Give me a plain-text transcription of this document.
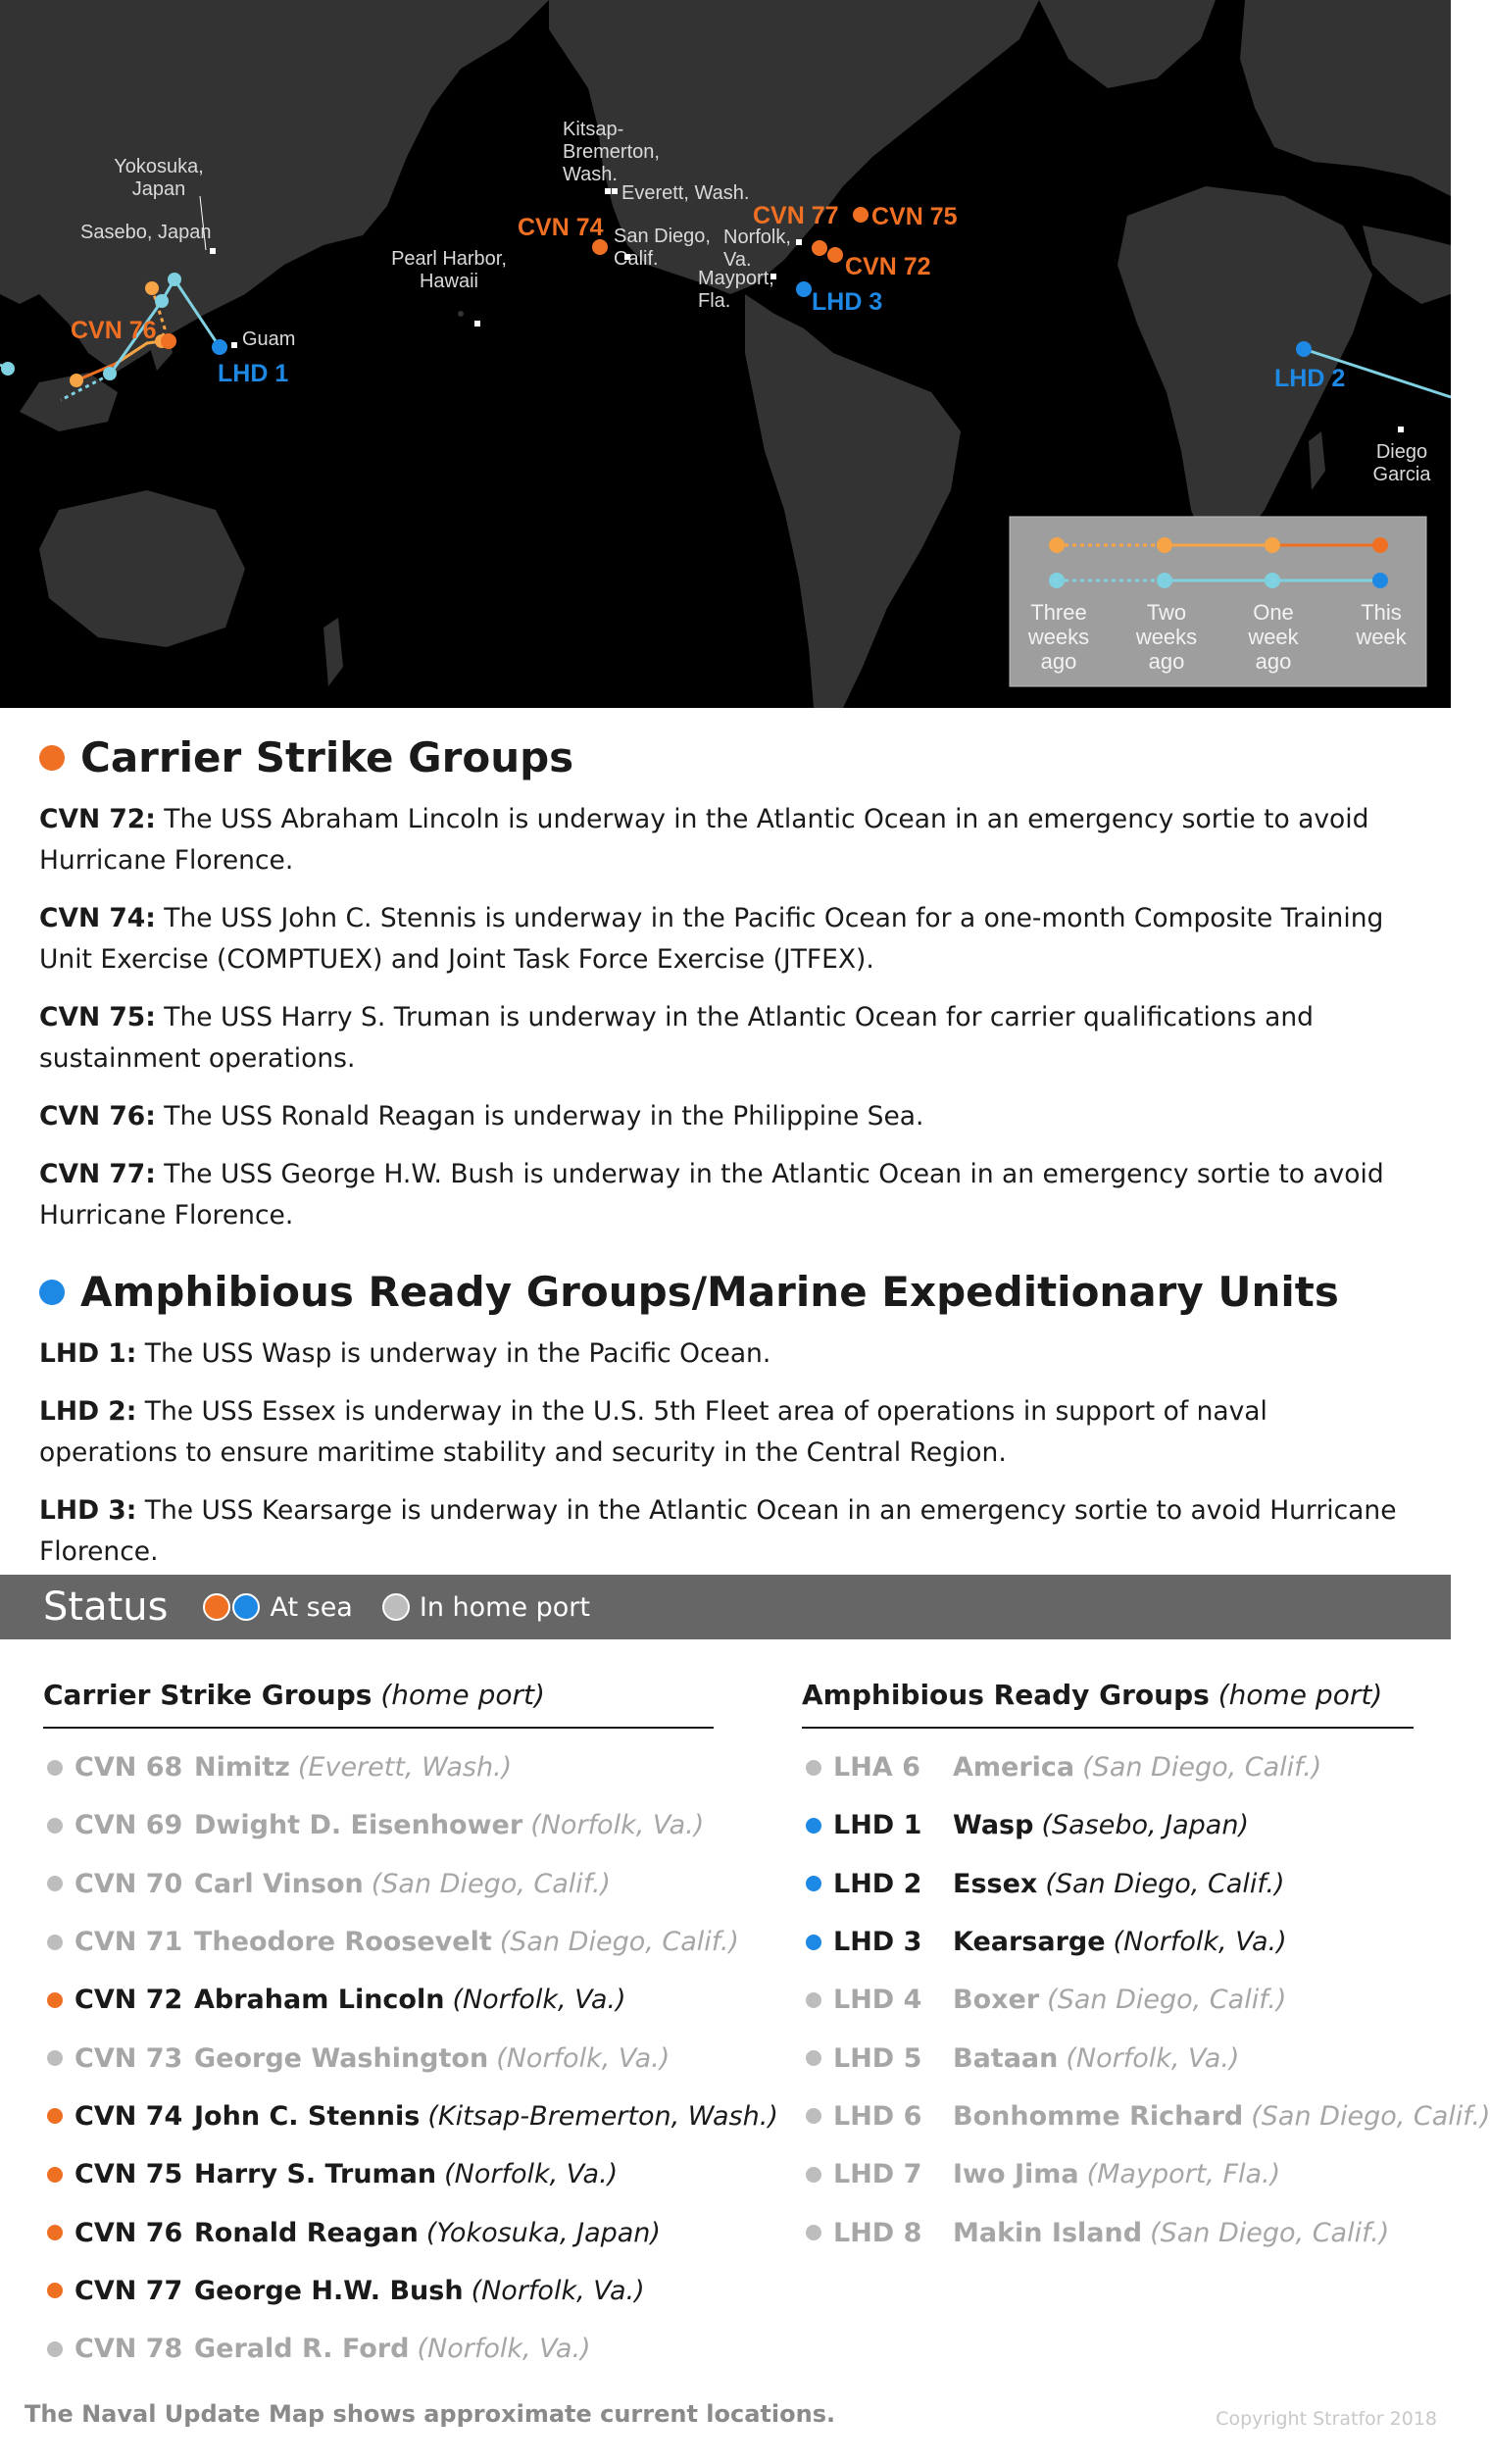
Yokosuka, Japan
Sasebo, Japan
Guam
Pearl Harbor, Hawaii
Kitsap-Bremerton, Wash.
Everett, Wash.
San Diego, Calif.
Norfolk, Va.
Mayport, Fla.
Diego Garcia
CVN 76
LHD 1
CVN 74	CVN 77 CVN 75
CVN 72
LHD 3
LHD 2
Three weeks ago
Two weeks ago
One week ago
This week
Carrier Strike Groups
CVN 72: The USS Abraham Lincoln is underway in the Atlantic Ocean in an emergency sortie to avoid Hurricane Florence.
CVN 74: The USS John C. Stennis is underway in the Pacific Ocean for a one-month Composite Training Unit Exercise (COMPTUEX) and Joint Task Force Exercise (JTFEX).
CVN 75: The USS Harry S. Truman is underway in the Atlantic Ocean for carrier qualifications and sustainment operations.
CVN 76: The USS Ronald Reagan is underway in the Philippine Sea.
CVN 77: The USS George H.W. Bush is underway in the Atlantic Ocean in an emergency sortie to avoid Hurricane Florence.
Amphibious Ready Groups/Marine Expeditionary Units
LHD 1: The USS Wasp is underway in the Pacific Ocean.
LHD 2: The USS Essex is underway in the U.S. 5th Fleet area of operations in support of naval operations to ensure maritime stability and security in the Central Region.
LHD 3: The USS Kearsarge is underway in the Atlantic Ocean in an emergency sortie to avoid Hurricane Florence.
Status	At sea	In home port
Carrier Strike Groups (home port)
CVN 68 Nimitz (Everett, Wash.)
CVN 69 Dwight D. Eisenhower (Norfolk, Va.)
CVN 70 Carl Vinson (San Diego, Calif.)
CVN 71 Theodore Roosevelt (San Diego, Calif.)
CVN 72 Abraham Lincoln (Norfolk, Va.)
CVN 73 George Washington (Norfolk, Va.)
CVN 74 John C. Stennis (Kitsap-Bremerton, Wash.)
CVN 75 Harry S. Truman (Norfolk, Va.)
CVN 76 Ronald Reagan (Yokosuka, Japan)
CVN 77 George H.W. Bush (Norfolk, Va.)
CVN 78 Gerald R. Ford (Norfolk, Va.)
Amphibious Ready Groups (home port)
LHA 6	America (San Diego, Calif.)
LHD 1	Wasp (Sasebo, Japan)
LHD 2	Essex (San Diego, Calif.)
LHD 3	Kearsarge (Norfolk, Va.)
LHD 4	Boxer (San Diego, Calif.)
LHD 5	Bataan (Norfolk, Va.)
LHD 6	Bonhomme Richard (San Diego, Calif.)
LHD 7	Iwo Jima (Mayport, Fla.)
LHD 8	Makin Island (San Diego, Calif.)
The Naval Update Map shows approximate current locations.	Copyright Stratfor 2018
